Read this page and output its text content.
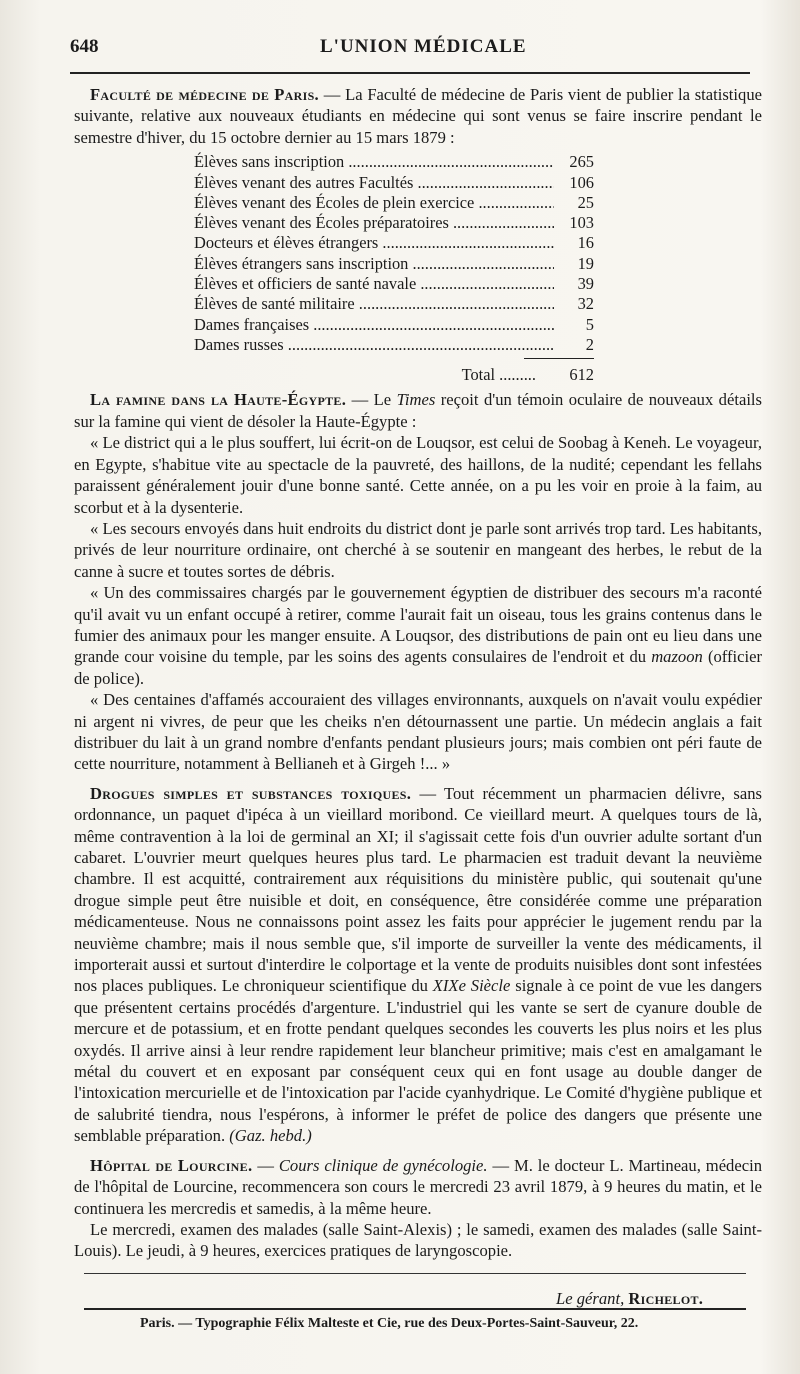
648	L'UNION MÉDICALE

Faculté de médecine de Paris. — La Faculté de médecine de Paris vient de publier la statistique suivante, relative aux nouveaux étudiants en médecine qui sont venus se faire inscrire pendant le semestre d'hiver, du 15 octobre dernier au 15 mars 1879 :

Élèves sans inscription .....	265
Élèves venant des autres Facultés .....	106
Élèves venant des Écoles de plein exercice .....	25
Élèves venant des Écoles préparatoires .....	103
Docteurs et élèves étrangers .....	16
Élèves étrangers sans inscription .....	19
Élèves et officiers de santé navale .....	39
Élèves de santé militaire .....	32
Dames françaises .....	5
Dames russes .....	2
Total .........	612

La famine dans la Haute-Égypte. — Le Times reçoit d'un témoin oculaire de nouveaux détails sur la famine qui vient de désoler la Haute-Égypte :

« Le district qui a le plus souffert, lui écrit-on de Louqsor, est celui de Soobag à Keneh. Le voyageur, en Egypte, s'habitue vite au spectacle de la pauvreté, des haillons, de la nudité; cependant les fellahs paraissent généralement jouir d'une bonne santé. Cette année, on a pu les voir en proie à la faim, au scorbut et à la dysenterie.

« Les secours envoyés dans huit endroits du district dont je parle sont arrivés trop tard. Les habitants, privés de leur nourriture ordinaire, ont cherché à se soutenir en mangeant des herbes, le rebut de la canne à sucre et toutes sortes de débris.

« Un des commissaires chargés par le gouvernement égyptien de distribuer des secours m'a raconté qu'il avait vu un enfant occupé à retirer, comme l'aurait fait un oiseau, tous les grains contenus dans le fumier des animaux pour les manger ensuite. A Louqsor, des distributions de pain ont eu lieu dans une grande cour voisine du temple, par les soins des agents consulaires de l'endroit et du mazoon (officier de police).

« Des centaines d'affamés accouraient des villages environnants, auxquels on n'avait voulu expédier ni argent ni vivres, de peur que les cheiks n'en détournassent une partie. Un médecin anglais a fait distribuer du lait à un grand nombre d'enfants pendant plusieurs jours; mais combien ont péri faute de cette nourriture, notamment à Bellianeh et à Girgeh !... »

Drogues simples et substances toxiques. — Tout récemment un pharmacien délivre, sans ordonnance, un paquet d'ipéca à un vieillard moribond. Ce vieillard meurt. A quelques tours de là, même contravention à la loi de germinal an XI; il s'agissait cette fois d'un ouvrier adulte sortant d'un cabaret. L'ouvrier meurt quelques heures plus tard. Le pharmacien est traduit devant la neuvième chambre. Il est acquitté, contrairement aux réquisitions du ministère public, qui soutenait qu'une drogue simple peut être nuisible et doit, en conséquence, être considérée comme une préparation médicamenteuse. Nous ne connaissons point assez les faits pour apprécier le jugement rendu par la neuvième chambre; mais il nous semble que, s'il importe de surveiller la vente des médicaments, il importerait aussi et surtout d'interdire le colportage et la vente de produits nuisibles dont sont infestées nos places publiques. Le chroniqueur scientifique du XIXe Siècle signale à ce point de vue les dangers que présentent certains procédés d'argenture. L'industriel qui les vante se sert de cyanure double de mercure et de potassium, et en frotte pendant quelques secondes les couverts les plus noirs et les plus oxydés. Il arrive ainsi à leur rendre rapidement leur blancheur primitive; mais c'est en amalgamant le métal du couvert et en exposant par conséquent ceux qui en font usage au double danger de l'intoxication mercurielle et de l'intoxication par l'acide cyanhydrique. Le Comité d'hygiène publique et de salubrité tiendra, nous l'espérons, à informer le préfet de police des dangers que présente une semblable préparation. (Gaz. hebd.)

Hôpital de Lourcine. — Cours clinique de gynécologie. — M. le docteur L. Martineau, médecin de l'hôpital de Lourcine, recommencera son cours le mercredi 23 avril 1879, à 9 heures du matin, et le continuera les mercredis et samedis, à la même heure.

Le mercredi, examen des malades (salle Saint-Alexis) ; le samedi, examen des malades (salle Saint-Louis). Le jeudi, à 9 heures, exercices pratiques de laryngoscopie.

Le gérant, Richelot.
Paris. — Typographie Félix Malteste et Cie, rue des Deux-Portes-Saint-Sauveur, 22.
